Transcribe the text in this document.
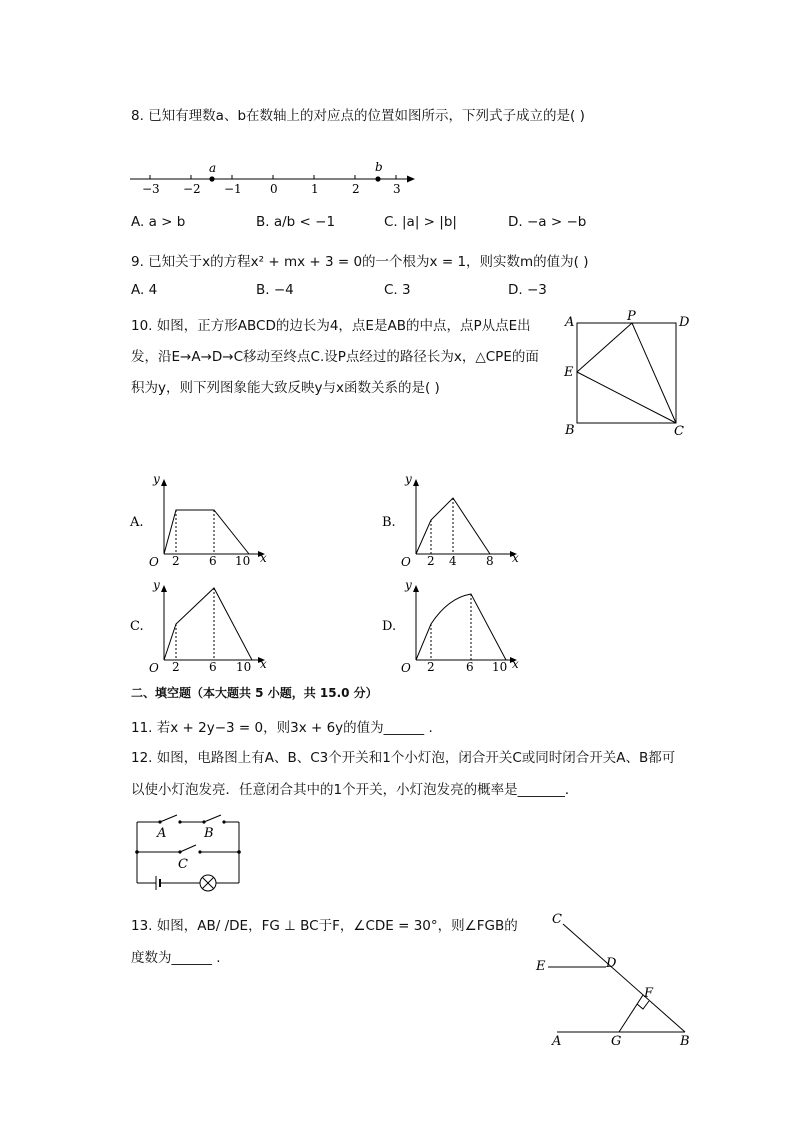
8. 已知有理数a、b在数轴上的对应点的位置如图所示，下列式子成立的是( )
−3 −2 −1 0	1	2	3
a	b
A. a > b	B. a/b < −1	C. |a| > |b|	D. −a > −b
9. 已知关于x的方程x² + mx + 3 = 0的一个根为x = 1，则实数m的值为( )
A. 4	B. −4	C. 3	D. −3
10. 如图，正方形ABCD的边长为4，点E是AB的中点，点P从点E出
发，沿E→A→D→C移动至终点C.设P点经过的路径长为x，△CPE的面
积为y，则下列图象能大致反映y与x函数关系的是( )
A	P	D
E
B	C
A.
y
O	x
2 6 10
B.
y
O	x
2 4 8
C.
y
O	x
2 6 10
D.
y
O	x
2	6 10
二、填空题（本大题共 5 小题，共 15.0 分）
11. 若x + 2y−3 = 0，则3x + 6y的值为______ .
12. 如图，电路图上有A、B、C3个开关和1个小灯泡，闭合开关C或同时闭合开关A、B都可
以使小灯泡发亮．任意闭合其中的1个开关，小灯泡发亮的概率是_______．
A	B
C
13. 如图，AB/ /DE，FG ⊥ BC于F，∠CDE = 30°，则∠FGB的
度数为______ .
C
E	D
F
A	G	B
